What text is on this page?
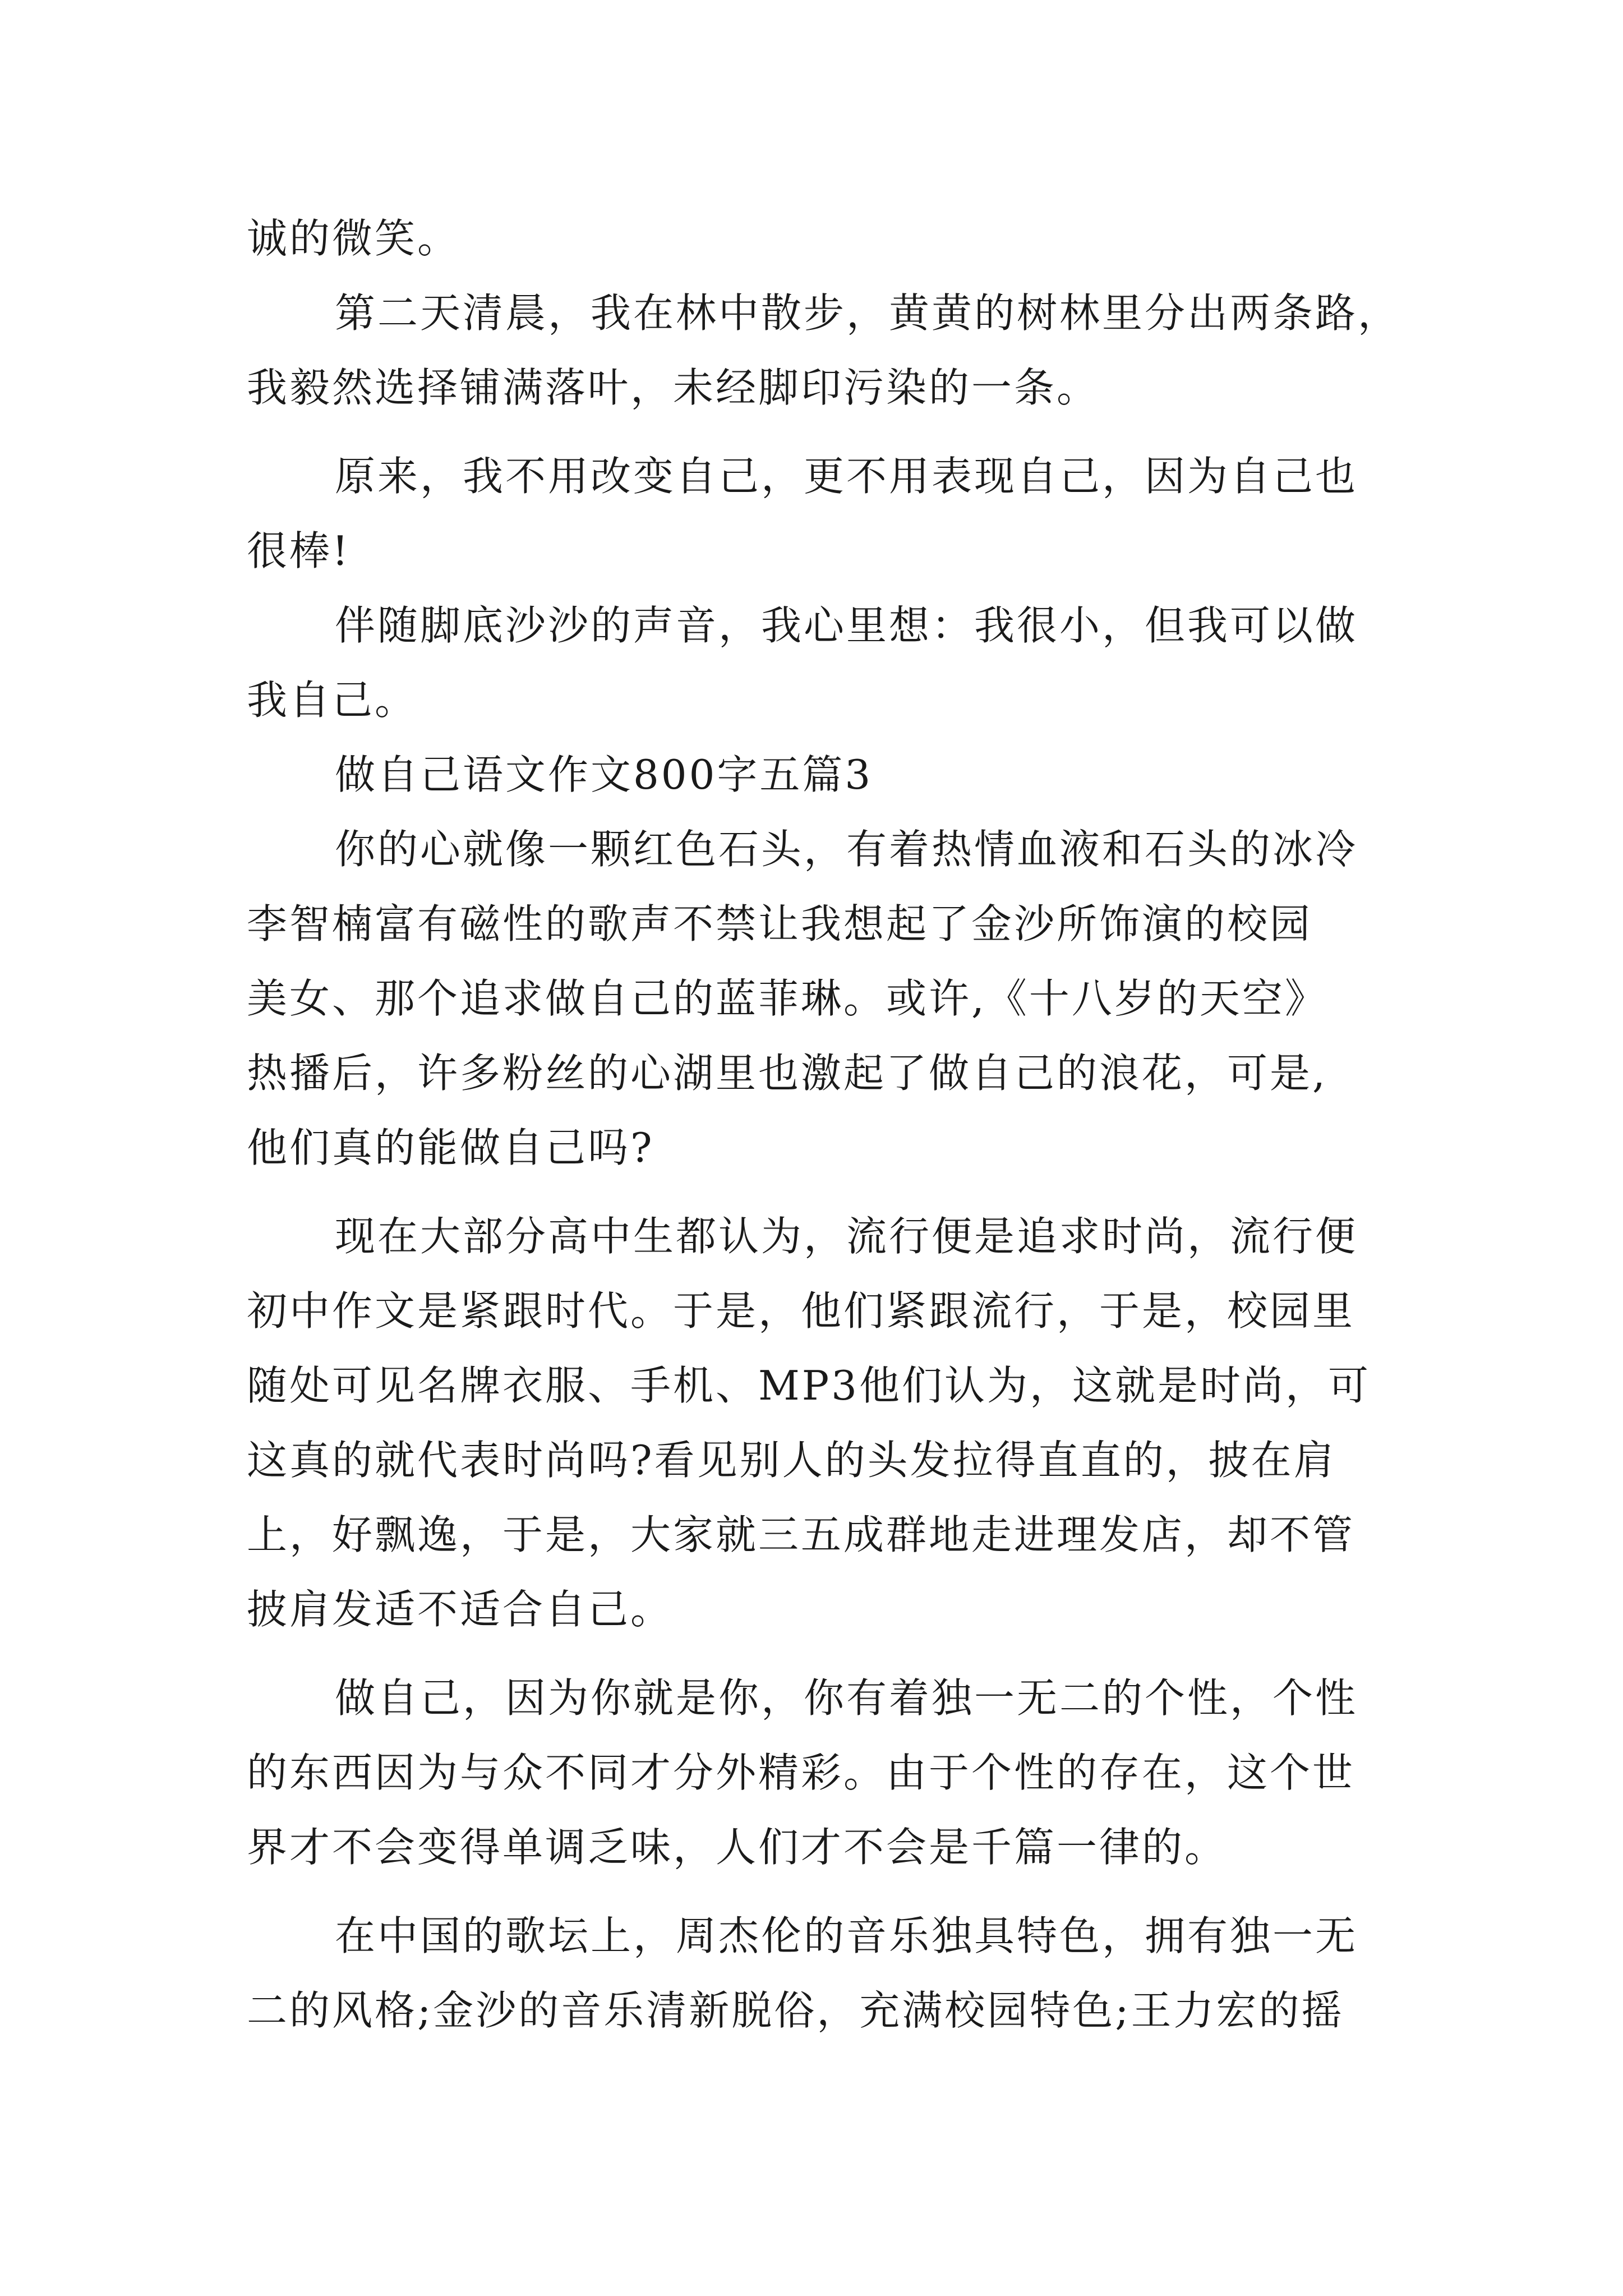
诚的微笑。

第二天清晨，我在林中散步，黄黄的树林里分出两条路，

我毅然选择铺满落叶，未经脚印污染的一条。

原来，我不用改变自己，更不用表现自己，因为自己也

很棒!

伴随脚底沙沙的声音，我心里想：我很小，但我可以做

我自己。

做自己语文作文800字五篇3

你的心就像一颗红色石头，有着热情血液和石头的冰冷

李智楠富有磁性的歌声不禁让我想起了金沙所饰演的校园

美女、那个追求做自己的蓝菲琳。或许,《十八岁的天空》

热播后，许多粉丝的心湖里也激起了做自己的浪花，可是,

他们真的能做自己吗?

现在大部分高中生都认为，流行便是追求时尚，流行便

初中作文是紧跟时代。于是，他们紧跟流行，于是，校园里

随处可见名牌衣服、手机、MP3他们认为，这就是时尚，可

这真的就代表时尚吗?看见别人的头发拉得直直的，披在肩

上，好飘逸，于是，大家就三五成群地走进理发店，却不管

披肩发适不适合自己。

做自己，因为你就是你，你有着独一无二的个性，个性

的东西因为与众不同才分外精彩。由于个性的存在，这个世

界才不会变得单调乏味，人们才不会是千篇一律的。

在中国的歌坛上，周杰伦的音乐独具特色，拥有独一无

二的风格;金沙的音乐清新脱俗，充满校园特色;王力宏的摇
